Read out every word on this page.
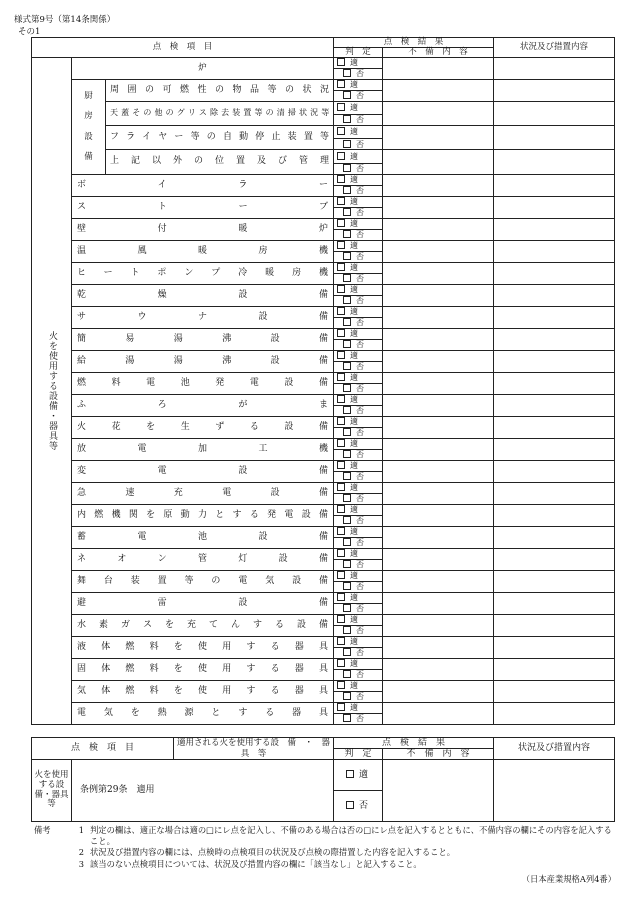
様式第9号（第14条関係）
その1
点　検　項　目			点　検　結　果		状況及び措置内容
			判　定	不　備　内　容	
火を使用する設備・器具等	炉		適		
			否		

	厨
房
設
備	周囲の可燃性の物品等の状況	適		
			否		
		天蓋その他のグリス除去装置等の清掃状況等	適		
			否		
		フライヤー等の自動停止装置等	適		
			否		
		上記以外の位置及び管理	適		
			否		
	ボイラー		適		
			否		
	ストーブ		適		
			否		
	壁付暖炉		適		
			否		
	温風暖房機		適		
			否		
	ヒートポンプ冷暖房機		適		
			否		
	乾燥設備		適		
			否		
	サウナ設備		適		
			否		
	簡易湯沸設備		適		
			否		
	給湯湯沸設備		適		
			否		
	燃料電池発電設備		適		
			否		
	ふろがま		適		
			否		
	火花を生ずる設備		適		
			否		
	放電加工機		適		
			否		
	変電設備		適		
			否		
	急速充電設備		適		
			否		
	内燃機関を原動力とする発電設備		適		
			否		
	蓄電池設備		適		
			否		
	ネオン管灯設備		適		
			否		
	舞台装置等の電気設備		適		
			否		
	避雷設備		適		
			否		
	水素ガスを充てんする設備		適		
			否		
	液体燃料を使用する器具		適		
			否		
	固体燃料を使用する器具		適		
			否		
	気体燃料を使用する器具		適		
			否		
	電気を熱源とする器具		適		
			否		
点　検　項　目		適用される火を使用する設　備　・　器　具　等	点　検　結　果		状況及び措置内容
			判　定	不　備　内　容	
火を使用する設備・器具等	条例第29条　適用		適		
			否		
備考	1 判定の欄は、適正な場合は適の□にレ点を記入し、不備のある場合は否の□にレ点を記入するとともに、不備内容の欄にその内容を記入すること。
2 状況及び措置内容の欄には、点検時の点検項目の状況及び点検の際措置した内容を記入すること。
3 該当のない点検項目については、状況及び措置内容の欄に「該当なし」と記入すること。
（日本産業規格A列4番）
